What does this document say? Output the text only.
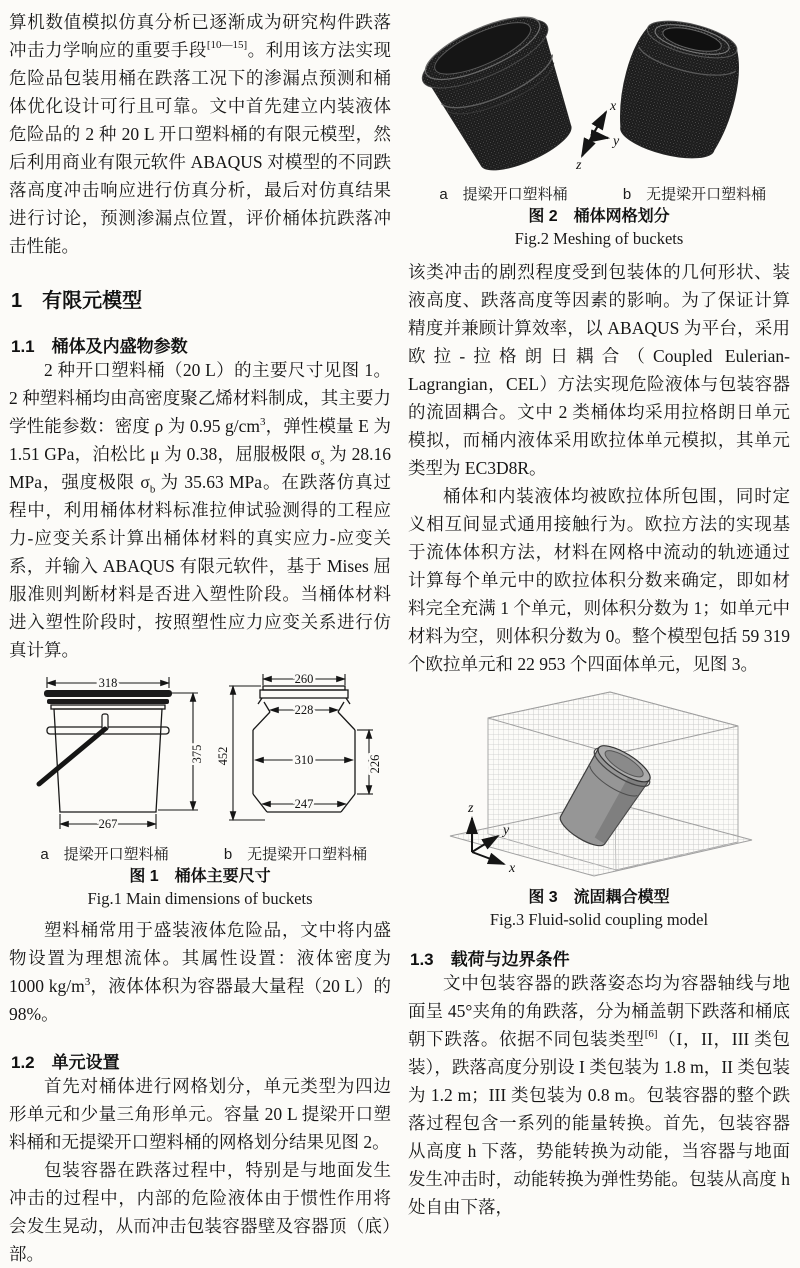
算机数值模拟仿真分析已逐渐成为研究构件跌落冲击力学响应的重要手段[10—15]。利用该方法实现危险品包装用桶在跌落工况下的渗漏点预测和桶体优化设计可行且可靠。文中首先建立内装液体危险品的 2 种 20 L 开口塑料桶的有限元模型，然后利用商业有限元软件 ABAQUS 对模型的不同跌落高度冲击响应进行仿真分析，最后对仿真结果进行讨论，预测渗漏点位置，评价桶体抗跌落冲击性能。

1　有限元模型
1.1　桶体及内盛物参数

2 种开口塑料桶（20 L）的主要尺寸见图 1。2 种塑料桶均由高密度聚乙烯材料制成，其主要力学性能参数：密度 ρ 为 0.95 $g/cm^3$，弹性模量 E 为 1.51 GPa，泊松比 μ 为 0.38，屈服极限 $\sigma_s$ 为 28.16 MPa，强度极限 $\sigma_b$ 为 35.63 MPa。在跌落仿真过程中，利用桶体材料标准拉伸试验测得的工程应力-应变关系计算出桶体材料的真实应力-应变关系，并输入 ABAQUS 有限元软件，基于 Mises 屈服准则判断材料是否进入塑性阶段。当桶体材料进入塑性阶段时，按照塑性应力应变关系进行仿真计算。

318
375
267
260
228
310
247
452	226
a　提梁开口塑料桶	b　无提梁开口塑料桶
图 1　桶体主要尺寸
Fig.1 Main dimensions of buckets

塑料桶常用于盛装液体危险品，文中将内盛物设置为理想流体。其属性设置：液体密度为 1000 $kg/m^3$，液体体积为容器最大量程（20 L）的 98%。

1.2　单元设置

首先对桶体进行网格划分，单元类型为四边形单元和少量三角形单元。容量 20 L 提梁开口塑料桶和无提梁开口塑料桶的网格划分结果见图 2。

包装容器在跌落过程中，特别是与地面发生冲击的过程中，内部的危险液体由于惯性作用将会发生晃动，从而冲击包装容器壁及容器顶（底）部。

x
y
z
a　提梁开口塑料桶	b　无提梁开口塑料桶
图 2　桶体网格划分
Fig.2 Meshing of buckets

该类冲击的剧烈程度受到包装体的几何形状、装液高度、跌落高度等因素的影响。为了保证计算精度并兼顾计算效率，以 ABAQUS 为平台，采用欧拉-拉格朗日耦合（Coupled Eulerian-Lagrangian，CEL）方法实现危险液体与包装容器的流固耦合。文中 2 类桶体均采用拉格朗日单元模拟，而桶内液体采用欧拉体单元模拟，其单元类型为 EC3D8R。

桶体和内装液体均被欧拉体所包围，同时定义相互间显式通用接触行为。欧拉方法的实现基于流体体积方法，材料在网格中流动的轨迹通过计算每个单元中的欧拉体积分数来确定，即如材料完全充满 1 个单元，则体积分数为 1；如单元中材料为空，则体积分数为 0。整个模型包括 59 319 个欧拉单元和 22 953 个四面体单元，见图 3。

z
y
x
图 3　流固耦合模型
Fig.3 Fluid-solid coupling model
1.3　载荷与边界条件

文中包装容器的跌落姿态均为容器轴线与地面呈 45°夹角的角跌落，分为桶盖朝下跌落和桶底朝下跌落。依据不同包装类型[6]（I，II，III 类包装），跌落高度分别设 I 类包装为 1.8 m，II 类包装为 1.2 m；III 类包装为 0.8 m。包装容器的整个跌落过程包含一系列的能量转换。首先，包装容器从高度 h 下落，势能转换为动能，当容器与地面发生冲击时，动能转换为弹性势能。包装从高度 h 处自由下落，
